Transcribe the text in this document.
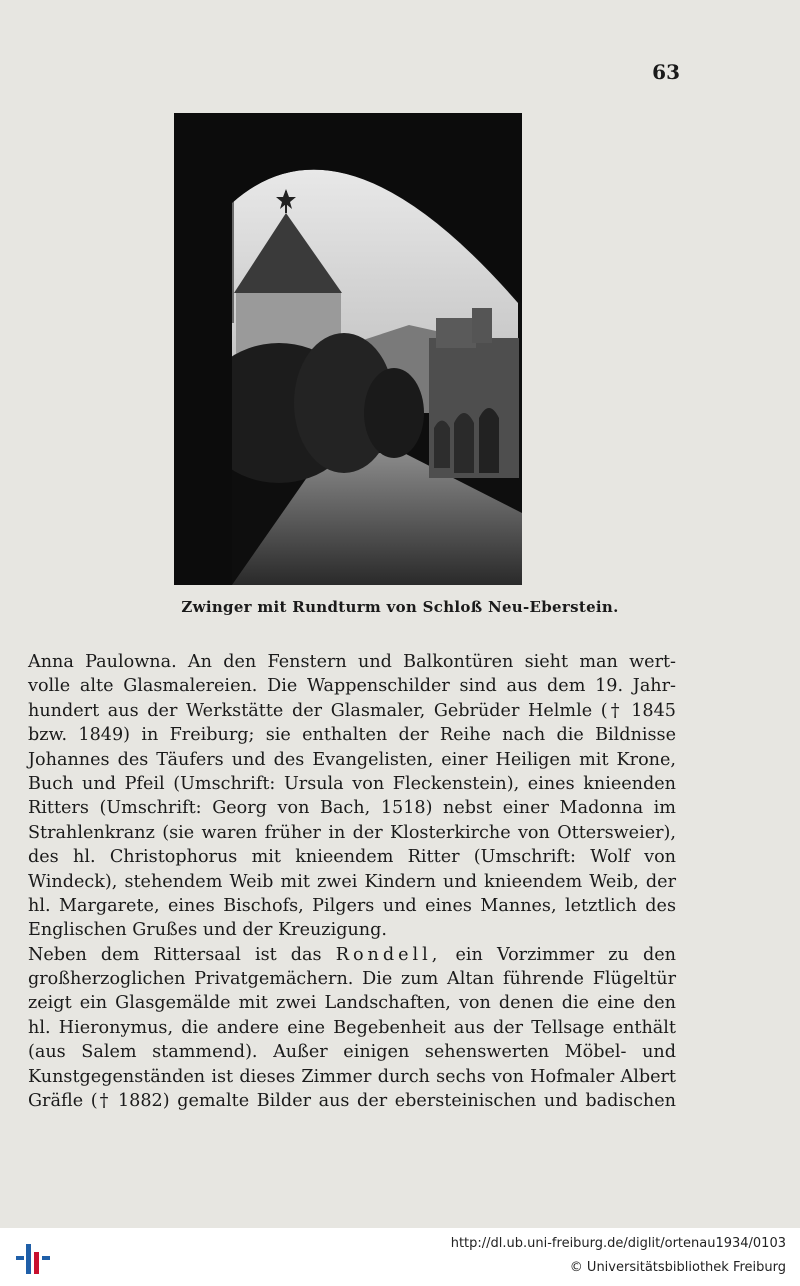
63
Zwinger mit Rundturm von Schloß Neu-Eberstein.
Anna Paulowna. An den Fenstern und Balkontüren sieht man wert-
volle alte Glasmalereien. Die Wappenschilder sind aus dem 19. Jahr-
hundert aus der Werkstätte der Glasmaler, Gebrüder Helmle († 1845
bzw. 1849) in Freiburg; sie enthalten der Reihe nach die Bildnisse
Johannes des Täufers und des Evangelisten, einer Heiligen mit Krone,
Buch und Pfeil (Umschrift: Ursula von Fleckenstein), eines knieenden
Ritters (Umschrift: Georg von Bach, 1518) nebst einer Madonna im
Strahlenkranz (sie waren früher in der Klosterkirche von Ottersweier),
des hl. Christophorus mit knieendem Ritter (Umschrift: Wolf von
Windeck), stehendem Weib mit zwei Kindern und knieendem Weib, der
hl. Margarete, eines Bischofs, Pilgers und eines Mannes, letztlich des
Englischen Grußes und der Kreuzigung.
Neben dem Rittersaal ist das Rondell, ein Vorzimmer zu den
großherzoglichen Privatgemächern. Die zum Altan führende Flügeltür
zeigt ein Glasgemälde mit zwei Landschaften, von denen die eine den
hl. Hieronymus, die andere eine Begebenheit aus der Tellsage enthält
(aus Salem stammend). Außer einigen sehenswerten Möbel- und
Kunstgegenständen ist dieses Zimmer durch sechs von Hofmaler Albert
Gräfle († 1882) gemalte Bilder aus der ebersteinischen und badischen
http://dl.ub.uni-freiburg.de/diglit/ortenau1934/0103
© Universitätsbibliothek Freiburg
